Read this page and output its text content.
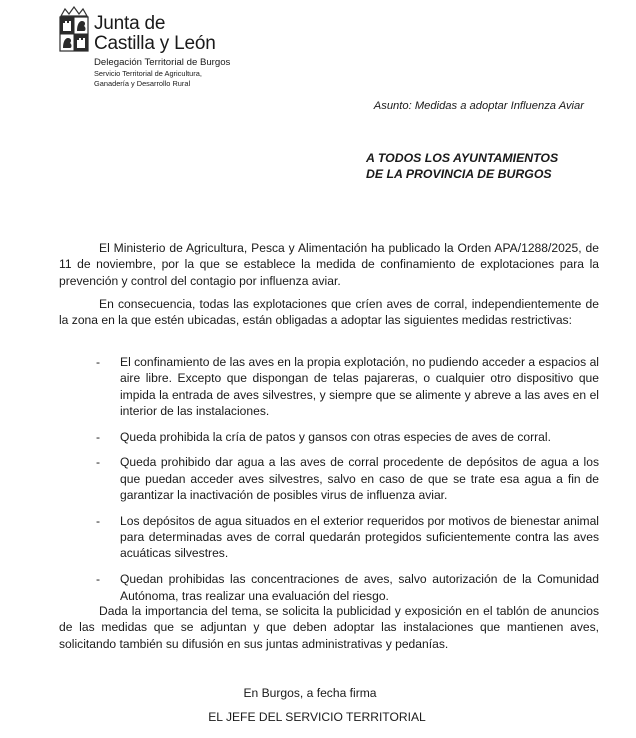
Junta de
Castilla y León
Delegación Territorial de Burgos
Servicio Territorial de Agricultura,
Ganadería y Desarrollo Rural
Asunto: Medidas a adoptar Influenza Aviar
A TODOS LOS AYUNTAMIENTOS
DE LA PROVINCIA DE BURGOS

El Ministerio de Agricultura, Pesca y Alimentación ha publicado la Orden APA/1288/2025, de 11 de noviembre, por la que se establece la medida de confinamiento de explotaciones para la prevención y control del contagio por influenza aviar.

En consecuencia, todas las explotaciones que críen aves de corral, independientemente de la zona en la que estén ubicadas, están obligadas a adoptar las siguientes medidas restrictivas:

- El confinamiento de las aves en la propia explotación, no pudiendo acceder a espacios al aire libre. Excepto que dispongan de telas pajareras, o cualquier otro dispositivo que impida la entrada de aves silvestres, y siempre que se alimente y abreve a las aves en el interior de las instalaciones.
- Queda prohibida la cría de patos y gansos con otras especies de aves de corral.
- Queda prohibido dar agua a las aves de corral procedente de depósitos de agua a los que puedan acceder aves silvestres, salvo en caso de que se trate esa agua a fin de garantizar la inactivación de posibles virus de influenza aviar.
- Los depósitos de agua situados en el exterior requeridos por motivos de bienestar animal para determinadas aves de corral quedarán protegidos suficientemente contra las aves acuáticas silvestres.
- Quedan prohibidas las concentraciones de aves, salvo autorización de la Comunidad Autónoma, tras realizar una evaluación del riesgo.

Dada la importancia del tema, se solicita la publicidad y exposición en el tablón de anuncios de las medidas que se adjuntan y que deben adoptar las instalaciones que mantienen aves, solicitando también su difusión en sus juntas administrativas y pedanías.

En Burgos, a fecha firma
EL JEFE DEL SERVICIO TERRITORIAL
